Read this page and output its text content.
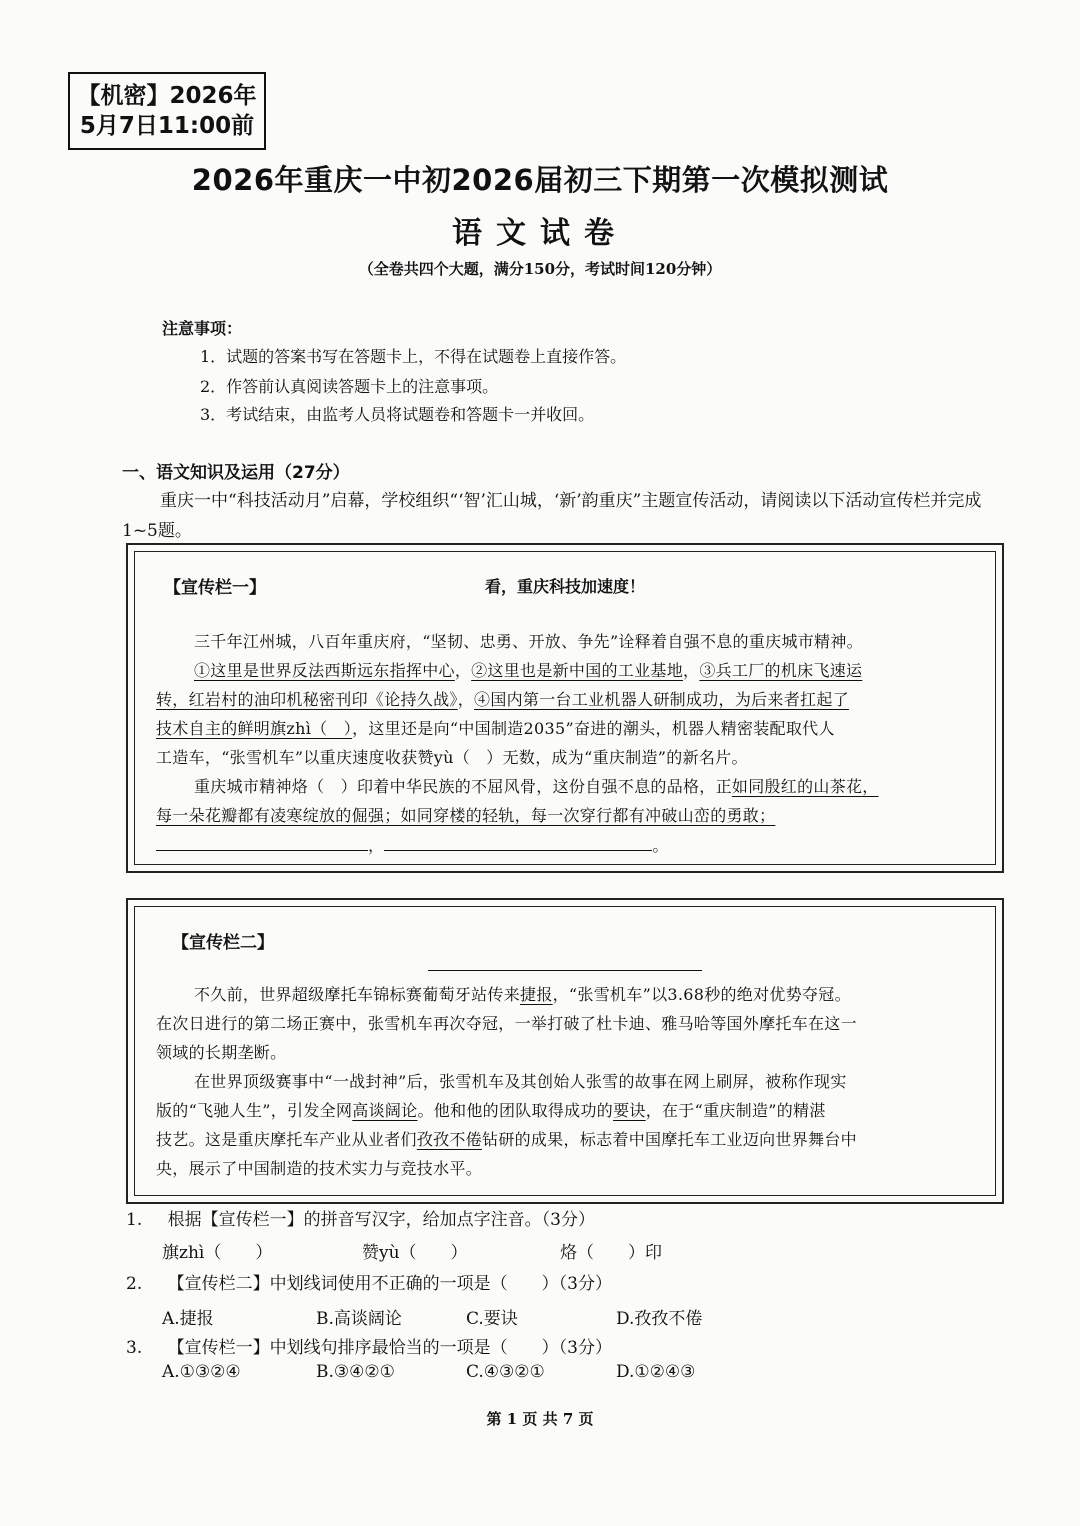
【机密】2026年
5月7日11:00前
2026年重庆一中初2026届初三下期第一次模拟测试
语文试卷
（全卷共四个大题，满分150分，考试时间120分钟）
注意事项：
1．试题的答案书写在答题卡上，不得在试题卷上直接作答。
2．作答前认真阅读答题卡上的注意事项。
3．考试结束，由监考人员将试题卷和答题卡一并收回。
一、语文知识及运用（27分）
重庆一中“科技活动月”启幕，学校组织“‘智’汇山城，‘新’韵重庆”主题宣传活动，请阅读以下活动宣传栏并完成1~5题。
【宣传栏一】	看，重庆科技加速度！
三千年江州城，八百年重庆府，“坚韧、忠勇、开放、争先”诠释着自强不息的重庆城市精神。
①这里是世界反法西斯远东指挥中心，②这里也是新中国的工业基地，③兵工厂的机床飞速运
转，红岩村的油印机秘密刊印《论持久战》，④国内第一台工业机器人研制成功，为后来者扛起了
技术自主的鲜明旗zhì（　），这里还是向“中国制造2035”奋进的潮头，机器人精密装配取代人
工造车，“张雪机车”以重庆速度收获赞yù（　）无数，成为“重庆制造”的新名片。
重庆城市精神烙（　）印着中华民族的不屈风骨，这份自强不息的品格，正如同殷红的山茶花，
每一朵花瓣都有凌寒绽放的倔强；如同穿楼的轻轨，每一次穿行都有冲破山峦的勇敢；
，	。
【宣传栏二】
不久前，世界超级摩托车锦标赛葡萄牙站传来捷报，“张雪机车”以3.68秒的绝对优势夺冠。
在次日进行的第二场正赛中，张雪机车再次夺冠，一举打破了杜卡迪、雅马哈等国外摩托车在这一
领域的长期垄断。
在世界顶级赛事中“一战封神”后，张雪机车及其创始人张雪的故事在网上刷屏，被称作现实
版的“飞驰人生”，引发全网高谈阔论。他和他的团队取得成功的要诀，在于“重庆制造”的精湛
技艺。这是重庆摩托车产业从业者们孜孜不倦钻研的成果，标志着中国摩托车工业迈向世界舞台中
央，展示了中国制造的技术实力与竞技水平。
1. 根据【宣传栏一】的拼音写汉字，给加点字注音。（3分）
旗zhì（　　）	赞yù（　　）	烙（　　）印
2. 【宣传栏二】中划线词使用不正确的一项是（　　）（3分）
A.捷报	B.高谈阔论	C.要诀	D.孜孜不倦
3. 【宣传栏一】中划线句排序最恰当的一项是（　　）（3分）
A.①③②④	B.③④②①	C.④③②①	D.①②④③
第 1 页 共 7 页
